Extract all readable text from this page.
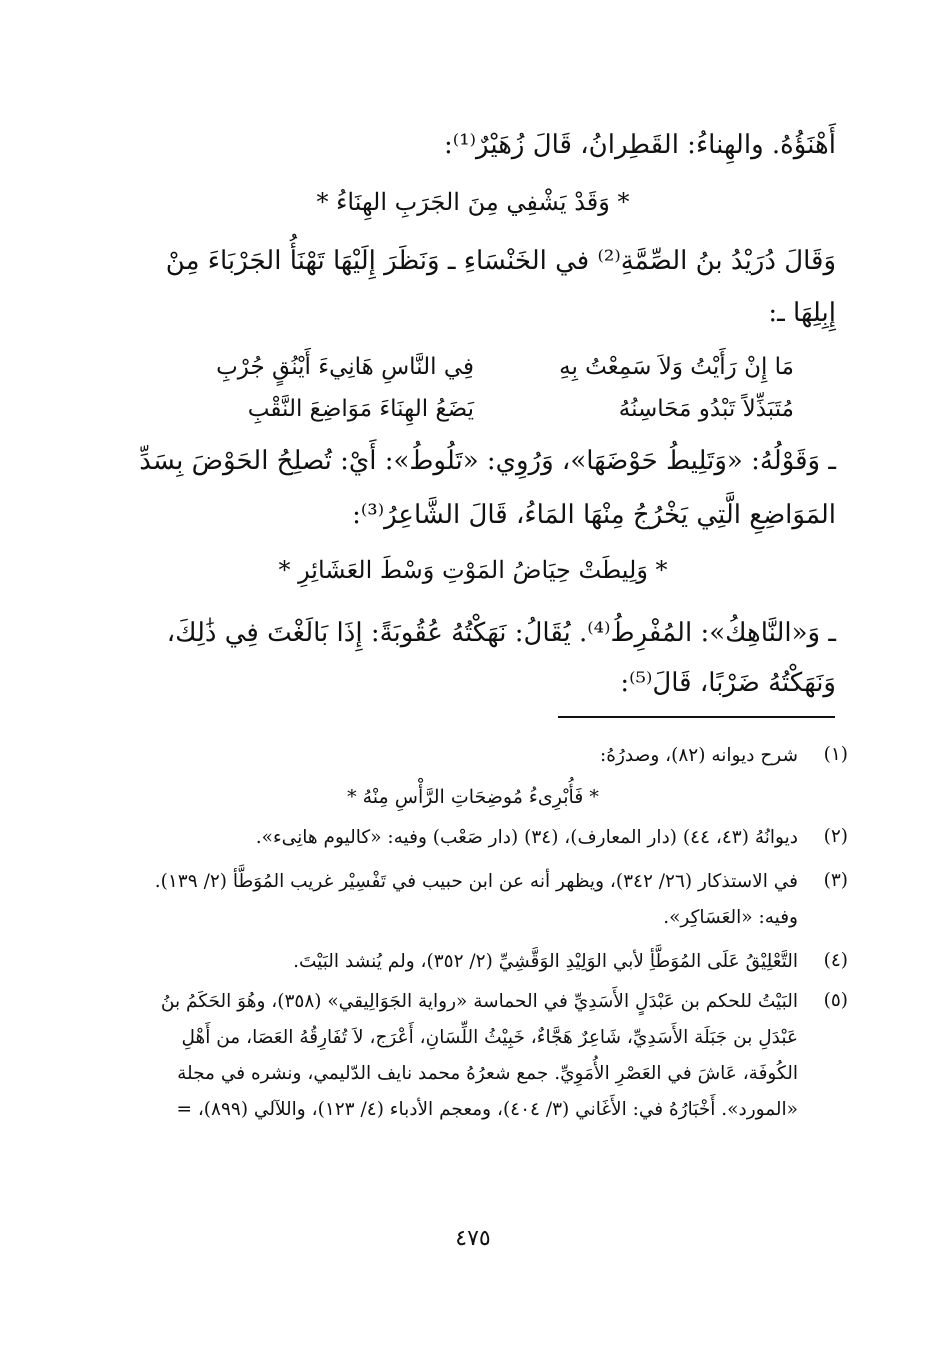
أَهْنَؤُهُ. والهِناءُ: القَطِرانُ، قَالَ زُهَيْرٌ⁽¹⁾:
* وَقَدْ يَشْفِي مِنَ الجَرَبِ الهِنَاءُ *
وَقَالَ دُرَيْدُ بنُ الصِّمَّةِ⁽²⁾ في الخَنْسَاءِ ـ وَنَظَرَ إِلَيْهَا تَهْنَأُ الجَرْبَاءَ مِنْ
إِبِلِهَا ـ:
مَا إِنْ رَأَيْتُ وَلاَ سَمِعْتُ بِهِ
فِي النَّاسِ هَانِيءَ أَيْنُقٍ جُرْبِ
مُتَبَذِّلاً تَبْدُو مَحَاسِنُهُ
يَضَعُ الهِنَاءَ مَوَاضِعَ النَّقْبِ
ـ وَقَوْلُهُ: «وَتَلِيطُ حَوْضَهَا»، وَرُوِي: «تَلُوطُ»: أَيْ: تُصلِحُ الحَوْضَ بِسَدِّ
المَوَاضِعِ الَّتِي يَخْرُجُ مِنْهَا المَاءُ، قَالَ الشَّاعِرُ⁽³⁾:
* وَلِيطَتْ حِيَاضُ المَوْتِ وَسْطَ العَشَائِرِ *
ـ وَ«النَّاهِكُ»: المُفْرِطُ⁽⁴⁾. يُقَالُ: نَهَكْتُهُ عُقُوبَةً: إِذَا بَالَغْتَ فِي ذَٰلِكَ،
وَنَهَكْتُهُ ضَرْبًا، قَالَ⁽⁵⁾:
(١)
شرح ديوانه (٨٢)، وصدرُهُ:
* فَأُبْرِىءُ مُوضِحَاتِ الرَّأْسِ مِنْهُ *
(٢)
ديوانُهُ (٤٣، ٤٤) (دار المعارف)، (٣٤) (دار صَعْب) وفيه: «كاليوم هانِىء».
(٣)
في الاستذكار (٢٦/ ٣٤٢)، ويظهر أنه عن ابن حبيب في تَفْسِيْر غريب المُوَطَّأ (٢/ ١٣٩).
وفيه: «العَسَاكِر».
(٤)
التَّعْلِيْقُ عَلَى المُوَطَّأِ لأبي الوَلِيْدِ الوَقَّشِيِّ (٢/ ٣٥٢)، ولم يُنشد البَيْتَ.
(٥)
البَيْتُ للحكم بن عَبْدَلٍ الأَسَدِيِّ في الحماسة «رواية الجَوَالِيقي» (٣٥٨)، وهُوَ الحَكَمُ بنُ
عَبْدَلِ بن جَبَلَة الأَسَدِيِّ، شَاعِرٌ هَجَّاءٌ، خَبِيْثُ اللِّسَانِ، أَعْرَج، لاَ تُفَارِقُهُ العَصَا، من أَهْلِ
الكُوفَة، عَاشَ في العَصْرِ الأُمَوِيِّ. جمع شعرُهُ محمد نايف الدّليمي، ونشره في مجلة
«المورد». أَخْبَارُهُ في: الأَغَاني (٣/ ٤٠٤)، ومعجم الأدباء (٤/ ١٢٣)، واللآلي (٨٩٩)، =
٤٧٥
